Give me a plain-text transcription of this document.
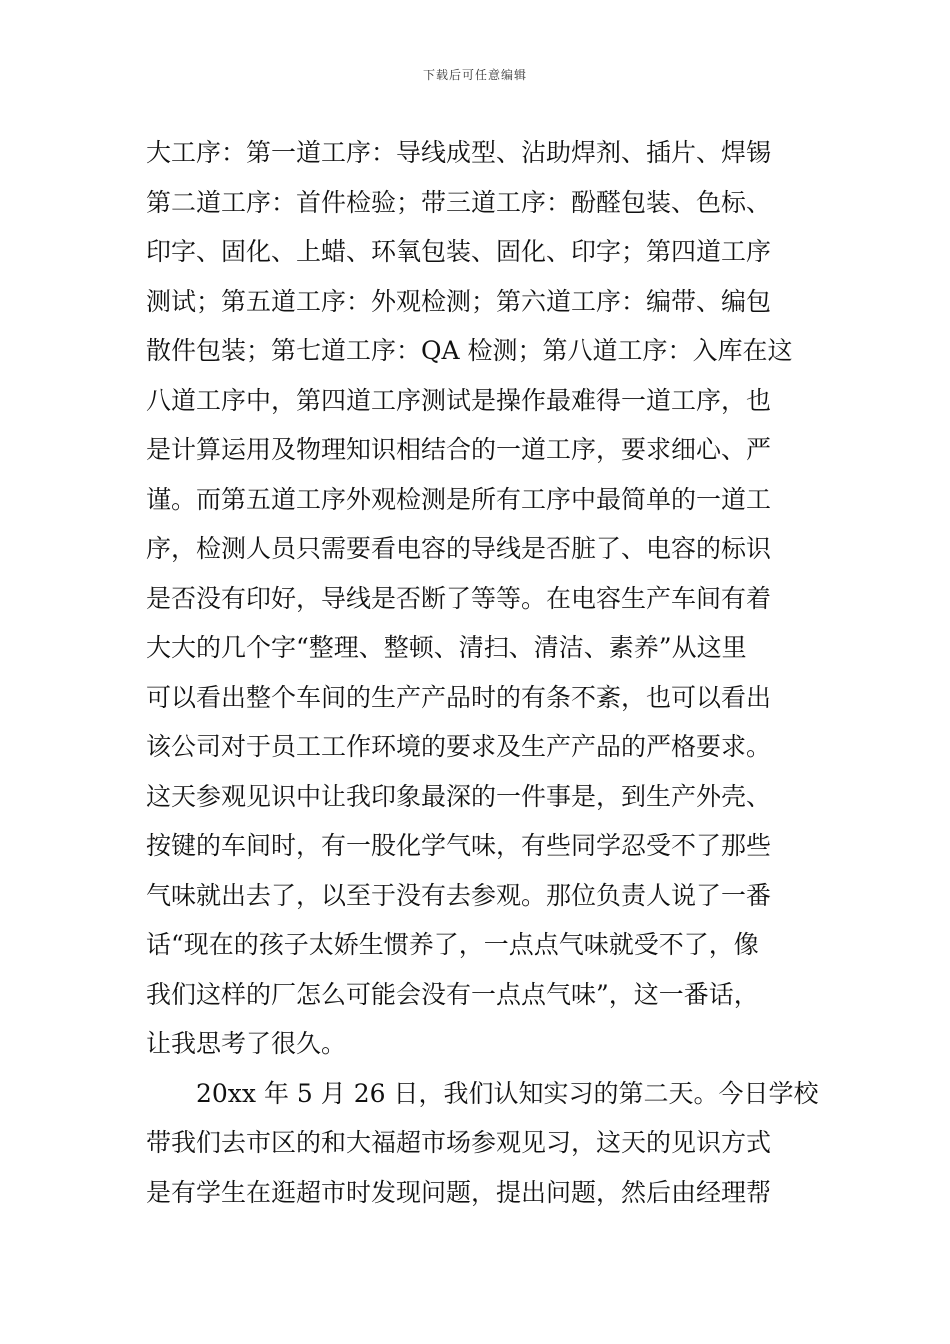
下载后可任意编辑
大工序：第一道工序：导线成型、沾助焊剂、插片、焊锡
第二道工序：首件检验；带三道工序：酚醛包装、色标、
印字、固化、上蜡、环氧包装、固化、印字；第四道工序
测试；第五道工序：外观检测；第六道工序：编带、编包
散件包装；第七道工序：QA 检测；第八道工序：入库在这
八道工序中，第四道工序测试是操作最难得一道工序，也
是计算运用及物理知识相结合的一道工序，要求细心、严
谨。而第五道工序外观检测是所有工序中最简单的一道工
序，检测人员只需要看电容的导线是否脏了、电容的标识
是否没有印好，导线是否断了等等。在电容生产车间有着
大大的几个字“整理、整顿、清扫、清洁、素养”从这里
可以看出整个车间的生产产品时的有条不紊，也可以看出
该公司对于员工工作环境的要求及生产产品的严格要求。
这天参观见识中让我印象最深的一件事是，到生产外壳、
按键的车间时，有一股化学气味，有些同学忍受不了那些
气味就出去了，以至于没有去参观。那位负责人说了一番
话“现在的孩子太娇生惯养了，一点点气味就受不了，像
我们这样的厂怎么可能会没有一点点气味”，这一番话，
让我思考了很久。
20xx 年 5 月 26 日，我们认知实习的第二天。今日学校
带我们去市区的和大福超市场参观见习，这天的见识方式
是有学生在逛超市时发现问题，提出问题，然后由经理帮
